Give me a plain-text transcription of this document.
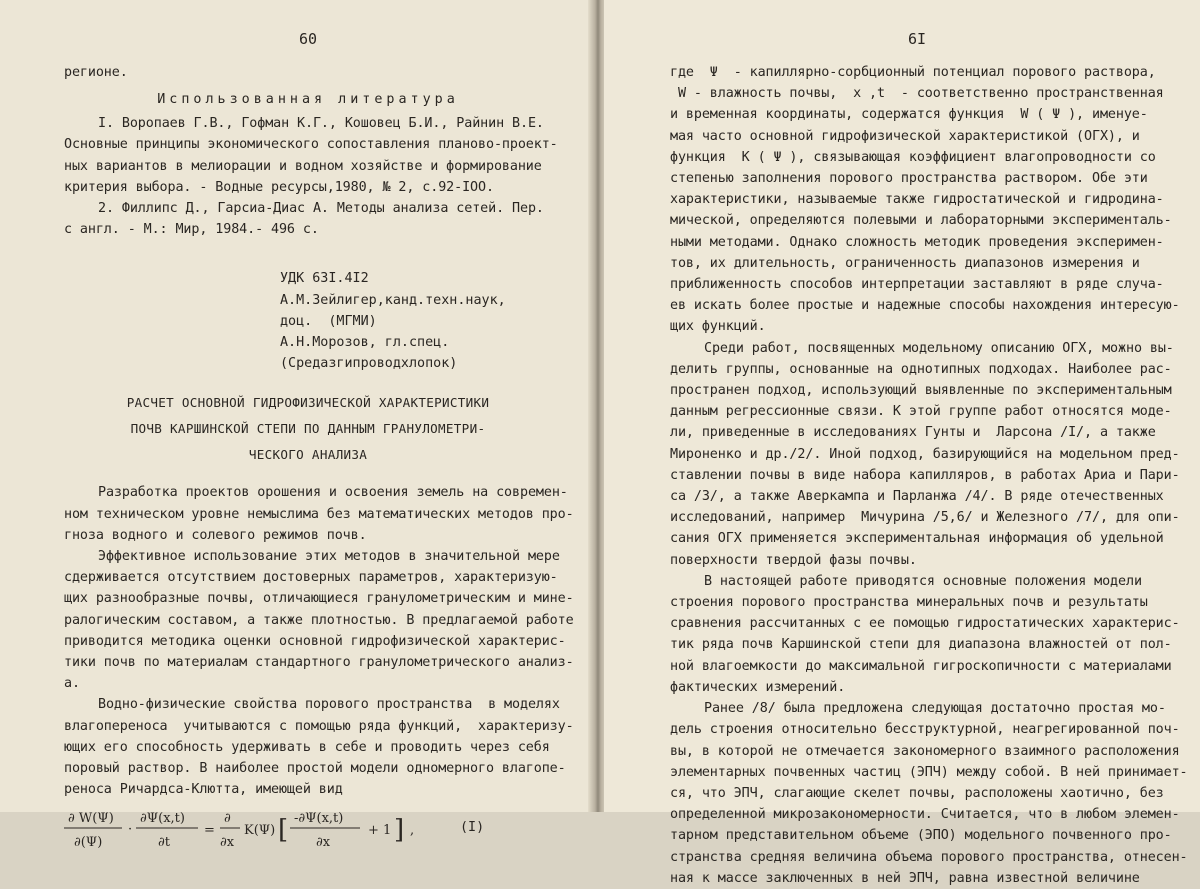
60

регионе.

Использованная литература

I. Воропаев Г.В., Гофман К.Г., Кошовец Б.И., Райнин В.Е.

Основные принципы экономического сопоставления планово-проект-

ных вариантов в мелиорации и водном хозяйстве и формирование

критерия выбора. - Водные ресурсы,1980, № 2, с.92-IOO.

2. Филлипс Д., Гарсиа-Диас А. Методы анализа сетей. Пер.

с англ. - М.: Мир, 1984.- 496 с.

УДК 63I.4I2

А.М.Зейлигер,канд.техн.наук,

доц.  (МГМИ)

А.Н.Морозов, гл.спец.

(Средазгипроводхлопок)

РАСЧЕТ ОСНОВНОЙ ГИДРОФИЗИЧЕСКОЙ ХАРАКТЕРИСТИКИ
ПОЧВ КАРШИНСКОЙ СТЕПИ ПО ДАННЫМ ГРАНУЛОМЕТРИ-
ЧЕСКОГО АНАЛИЗА

Разработка проектов орошения и освоения земель на современ-

ном техническом уровне немыслима без математических методов про-

гноза водного и солевого режимов почв.

Эффективное использование этих методов в значительной мере

сдерживается отсутствием достоверных параметров, характеризую-

щих разнообразные почвы, отличающиеся гранулометрическим и мине-

ралогическим составом, а также плотностью. В предлагаемой работе

приводится методика оценки основной гидрофизической характерис-

тики почв по материалам стандартного гранулометрического анализ-

а.

Водно-физические свойства порового пространства  в моделях

влагопереноса  учитываются с помощью ряда функций,  характеризу-

ющих его способность удерживать в себе и проводить через себя

поровый раствор. В наиболее простой модели одномерного влагопе-

реноса Ричардса-Клютта, имеющей вид

∂ W(Ψ)
∂(Ψ)
·
∂Ψ(x,t)
∂t
=
∂
∂x
K(Ψ) [ -∂Ψ(x,t)
∂x
+ 1 ] ,	(I)
6I

где  Ψ  - капиллярно-сорбционный потенциал порового раствора,

W - влажность почвы,  x ,t  - соответственно пространственная

и временная координаты, содержатся функция  W ( Ψ ), именуе-

мая часто основной гидрофизической характеристикой (ОГХ), и

функция  K ( Ψ ), связывающая коэффициент влагопроводности со

степенью заполнения порового пространства раствором. Обе эти

характеристики, называемые также гидростатической и гидродина-

мической, определяются полевыми и лабораторными эксперименталь-

ными методами. Однако сложность методик проведения эксперимен-

тов, их длительность, ограниченность диапазонов измерения и

приближенность способов интерпретации заставляют в ряде случа-

ев искать более простые и надежные способы нахождения интересую-

щих функций.

Среди работ, посвященных модельному описанию ОГХ, можно вы-

делить группы, основанные на однотипных подходах. Наиболее рас-

пространен подход, использующий выявленные по экспериментальным

данным регрессионные связи. К этой группе работ относятся моде-

ли, приведенные в исследованиях Гунты и  Ларсона /I/, а также

Мироненко и др./2/. Иной подход, базирующийся на модельном пред-

ставлении почвы в виде набора капилляров, в работах Ариа и Пари-

са /3/, а также Аверкампа и Парланжа /4/. В ряде отечественных

исследований, например  Мичурина /5,6/ и Железного /7/, для опи-

сания ОГХ применяется экспериментальная информация об удельной

поверхности твердой фазы почвы.

В настоящей работе приводятся основные положения модели

строения порового пространства минеральных почв и результаты

сравнения рассчитанных с ее помощью гидростатических характерис-

тик ряда почв Каршинской степи для диапазона влажностей от пол-

ной влагоемкости до максимальной гигроскопичности с материалами

фактических измерений.

Ранее /8/ была предложена следующая достаточно простая мо-

дель строения относительно бесструктурной, неагрегированной поч-

вы, в которой не отмечается закономерного взаимного расположения

элементарных почвенных частиц (ЭПЧ) между собой. В ней принимает-

ся, что ЭПЧ, слагающие скелет почвы, расположены хаотично, без

определенной микрозакономерности. Считается, что в любом элемен-

тарном представительном объеме (ЭПО) модельного почвенного про-

странства средняя величина объема порового пространства, отнесен-

ная к массе заключенных в ней ЭПЧ, равна известной величине
